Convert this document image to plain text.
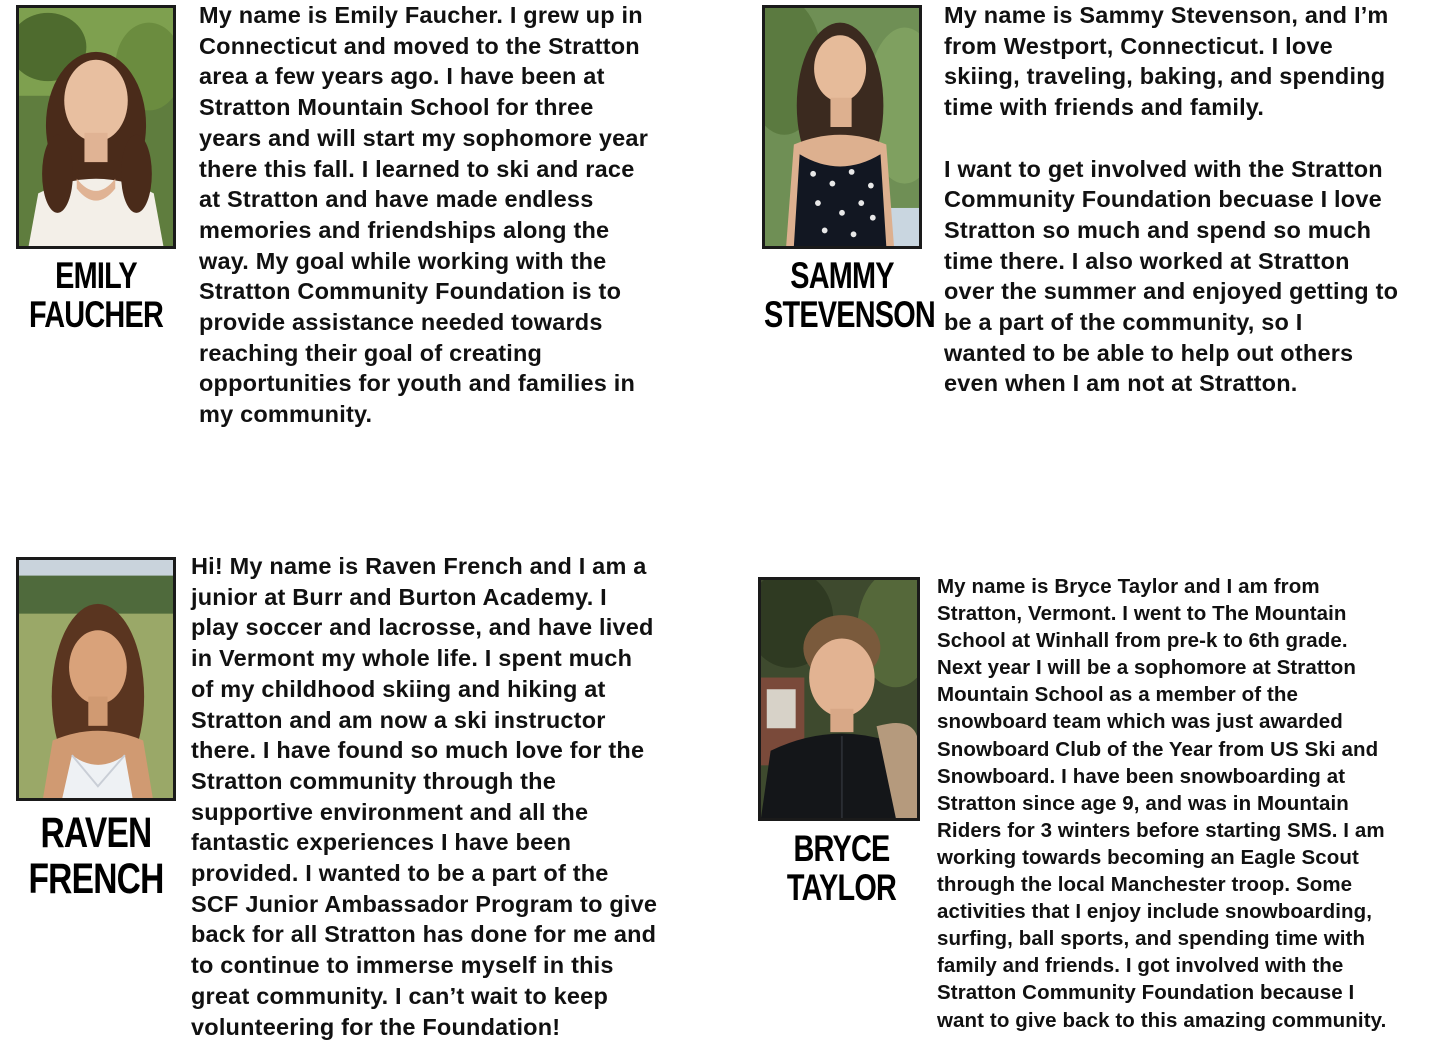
EMILY
FAUCHER

My name is Emily Faucher. I grew up in
Connecticut and moved to the Stratton
area a few years ago. I have been at
Stratton Mountain School for three
years and will start my sophomore year
there this fall. I learned to ski and race
at Stratton and have made endless
memories and friendships along the
way. My goal while working with the
Stratton Community Foundation is to
provide assistance needed towards
reaching their goal of creating
opportunities for youth and families in
my community.

SAMMY
STEVENSON

My name is Sammy Stevenson, and I’m
from Westport, Connecticut. I love
skiing, traveling, baking, and spending
time with friends and family.

I want to get involved with the Stratton
Community Foundation becuase I love
Stratton so much and spend so much
time there. I also worked at Stratton
over the summer and enjoyed getting to
be a part of the community, so I
wanted to be able to help out others
even when I am not at Stratton.

RAVEN
FRENCH

Hi! My name is Raven French and I am a
junior at Burr and Burton Academy. I
play soccer and lacrosse, and have lived
in Vermont my whole life. I spent much
of my childhood skiing and hiking at
Stratton and am now a ski instructor
there. I have found so much love for the
Stratton community through the
supportive environment and all the
fantastic experiences I have been
provided. I wanted to be a part of the
SCF Junior Ambassador Program to give
back for all Stratton has done for me and
to continue to immerse myself in this
great community. I can’t wait to keep
volunteering for the Foundation!

BRYCE
TAYLOR

My name is Bryce Taylor and I am from
Stratton, Vermont. I went to The Mountain
School at Winhall from pre-k to 6th grade.
Next year I will be a sophomore at Stratton
Mountain School as a member of the
snowboard team which was just awarded
Snowboard Club of the Year from US Ski and
Snowboard. I have been snowboarding at
Stratton since age 9, and was in Mountain
Riders for 3 winters before starting SMS. I am
working towards becoming an Eagle Scout
through the local Manchester troop. Some
activities that I enjoy include snowboarding,
surfing, ball sports, and spending time with
family and friends. I got involved with the
Stratton Community Foundation because I
want to give back to this amazing community.
